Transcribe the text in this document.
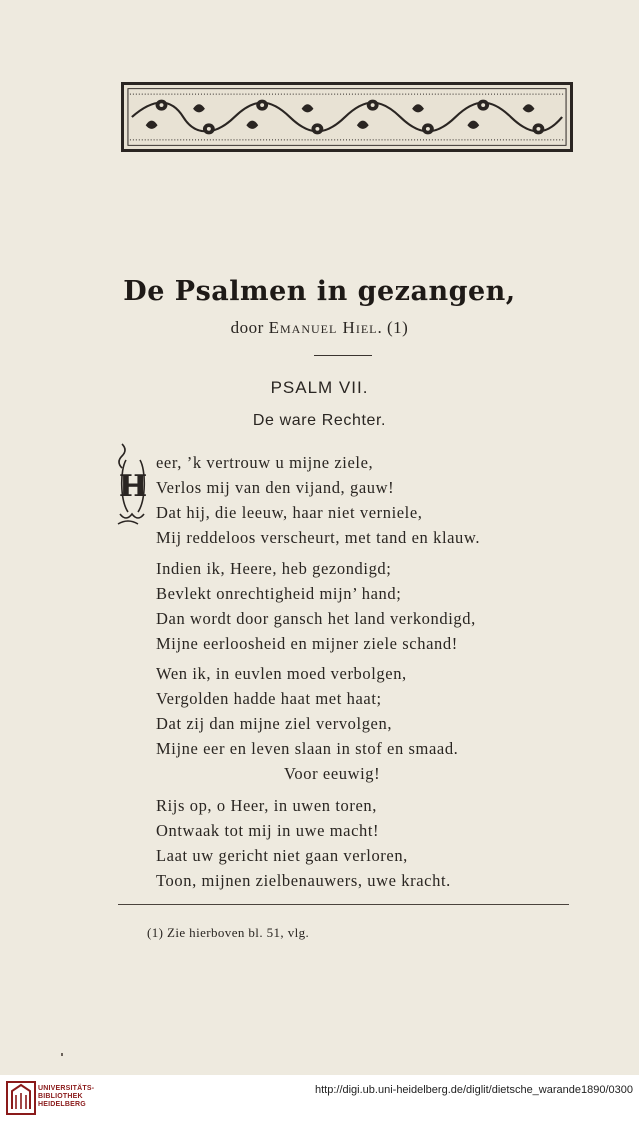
De Psalmen in gezangen,
door Emanuel Hiel. (1)
PSALM VII.
De ware Rechter.
H
eer, ’k vertrouw u mijne ziele,
Verlos mij van den vijand, gauw!
Dat hij, die leeuw, haar niet verniele,
Mij reddeloos verscheurt, met tand en klauw.
Indien ik, Heere, heb gezondigd;
Bevlekt onrechtigheid mijn’ hand;
Dan wordt door gansch het land verkondigd,
Mijne eerloosheid en mijner ziele schand!
Wen ik, in euvlen moed verbolgen,
Vergolden hadde haat met haat;
Dat zij dan mijne ziel vervolgen,
Mijne eer en leven slaan in stof en smaad.
Voor eeuwig!
Rijs op, o Heer, in uwen toren,
Ontwaak tot mij in uwe macht!
Laat uw gericht niet gaan verloren,
Toon, mijnen zielbenauwers, uwe kracht.
(1) Zie hierboven bl. 51, vlg.
UNIVERSITÄTS-
BIBLIOTHEK
HEIDELBERG
http://digi.ub.uni-heidelberg.de/diglit/dietsche_warande1890/0300
